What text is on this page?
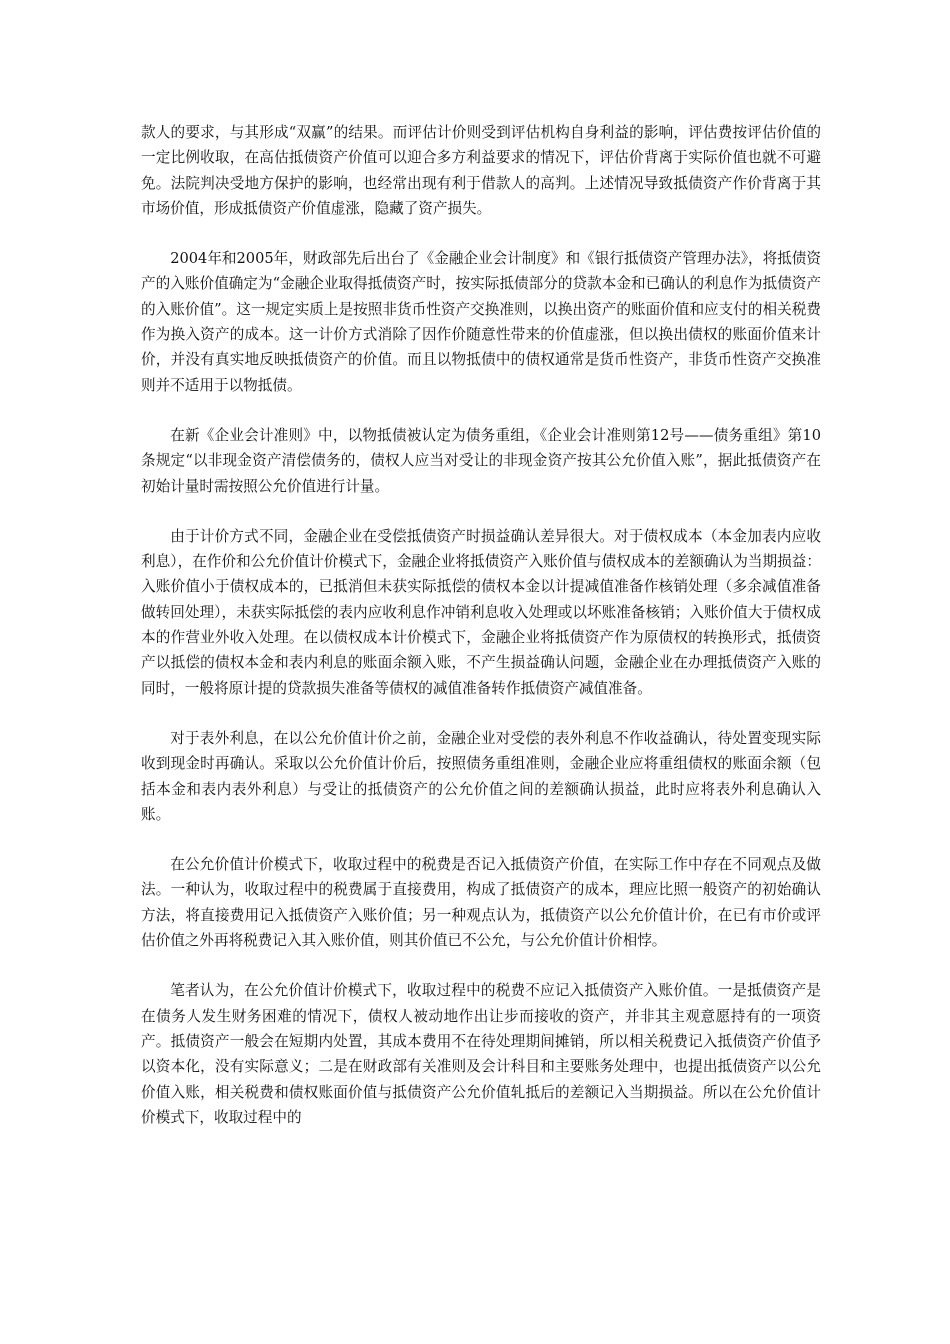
款人的要求，与其形成“双赢”的结果。而评估计价则受到评估机构自身利益的影响，评估费按评估价值的一定比例收取，在高估抵债资产价值可以迎合多方利益要求的情况下，评估价背离于实际价值也就不可避免。法院判决受地方保护的影响，也经常出现有利于借款人的高判。上述情况导致抵债资产作价背离于其市场价值，形成抵债资产价值虚涨，隐藏了资产损失。

2004年和2005年，财政部先后出台了《金融企业会计制度》和《银行抵债资产管理办法》，将抵债资产的入账价值确定为“金融企业取得抵债资产时，按实际抵债部分的贷款本金和已确认的利息作为抵债资产的入账价值”。这一规定实质上是按照非货币性资产交换准则，以换出资产的账面价值和应支付的相关税费作为换入资产的成本。这一计价方式消除了因作价随意性带来的价值虚涨，但以换出债权的账面价值来计价，并没有真实地反映抵债资产的价值。而且以物抵债中的债权通常是货币性资产，非货币性资产交换准则并不适用于以物抵债。

在新《企业会计准则》中，以物抵债被认定为债务重组，《企业会计准则第12号——债务重组》第10条规定“以非现金资产清偿债务的，债权人应当对受让的非现金资产按其公允价值入账”，据此抵债资产在初始计量时需按照公允价值进行计量。

由于计价方式不同，金融企业在受偿抵债资产时损益确认差异很大。对于债权成本（本金加表内应收利息），在作价和公允价值计价模式下，金融企业将抵债资产入账价值与债权成本的差额确认为当期损益：入账价值小于债权成本的，已抵消但未获实际抵偿的债权本金以计提减值准备作核销处理（多余减值准备做转回处理），未获实际抵偿的表内应收利息作冲销利息收入处理或以坏账准备核销；入账价值大于债权成本的作营业外收入处理。在以债权成本计价模式下，金融企业将抵债资产作为原债权的转换形式，抵债资产以抵偿的债权本金和表内利息的账面余额入账，不产生损益确认问题，金融企业在办理抵债资产入账的同时，一般将原计提的贷款损失准备等债权的减值准备转作抵债资产减值准备。

对于表外利息，在以公允价值计价之前，金融企业对受偿的表外利息不作收益确认，待处置变现实际收到现金时再确认。采取以公允价值计价后，按照债务重组准则，金融企业应将重组债权的账面余额（包括本金和表内表外利息）与受让的抵债资产的公允价值之间的差额确认损益，此时应将表外利息确认入账。

在公允价值计价模式下，收取过程中的税费是否记入抵债资产价值，在实际工作中存在不同观点及做法。一种认为，收取过程中的税费属于直接费用，构成了抵债资产的成本，理应比照一般资产的初始确认方法，将直接费用记入抵债资产入账价值；另一种观点认为，抵债资产以公允价值计价，在已有市价或评估价值之外再将税费记入其入账价值，则其价值已不公允，与公允价值计价相悖。

笔者认为，在公允价值计价模式下，收取过程中的税费不应记入抵债资产入账价值。一是抵债资产是在债务人发生财务困难的情况下，债权人被动地作出让步而接收的资产，并非其主观意愿持有的一项资产。抵债资产一般会在短期内处置，其成本费用不在待处理期间摊销，所以相关税费记入抵债资产价值予以资本化，没有实际意义；二是在财政部有关准则及会计科目和主要账务处理中，也提出抵债资产以公允价值入账，相关税费和债权账面价值与抵债资产公允价值轧抵后的差额记入当期损益。所以在公允价值计价模式下，收取过程中的
